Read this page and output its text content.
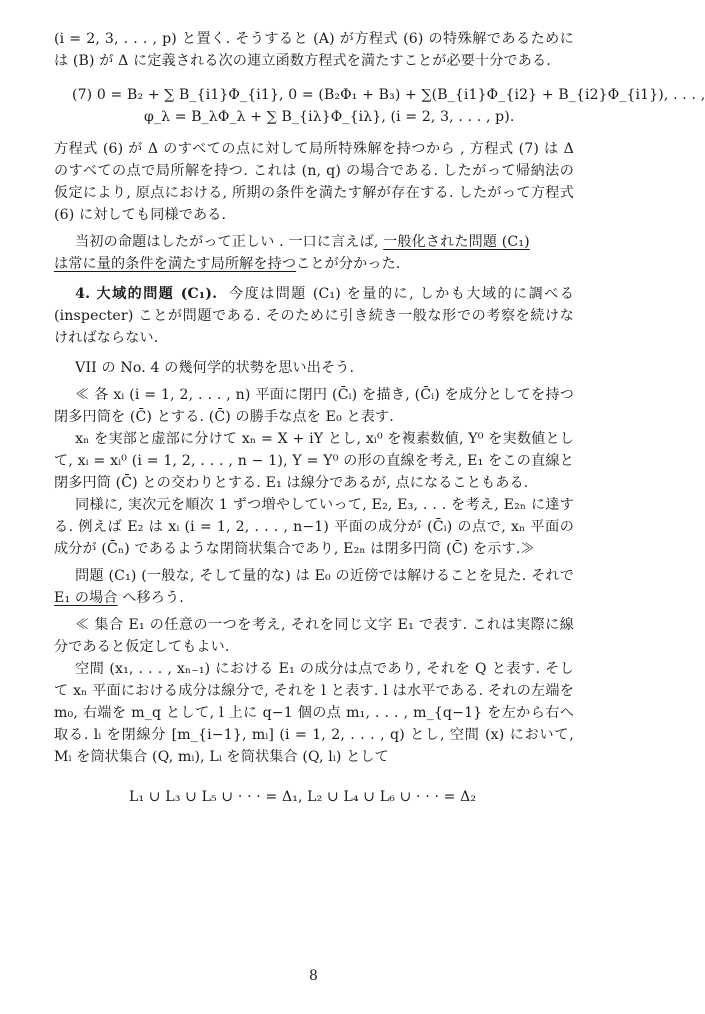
(i = 2, 3, . . . , p) と置く. そうすると (A) が方程式 (6) の特殊解であるためには (B) が Δ に定義される次の連立函数方程式を満たすことが必要十分である.

(7) 0 = B₂ + ∑ B_{i1}Φ_{i1}, 0 = (B₂Φ₁ + B₃) + ∑(B_{i1}Φ_{i2} + B_{i2}Φ_{i1}), . . . ,

φ_λ = B_λΦ_λ + ∑ B_{iλ}Φ_{iλ}, (i = 2, 3, . . . , p).

方程式 (6) が Δ のすべての点に対して局所特殊解を持つから , 方程式 (7) は Δ のすべての点で局所解を持つ. これは (n, q) の場合である. したがって帰納法の仮定により, 原点における, 所期の条件を満たす解が存在する. したがって方程式 (6) に対しても同様である.

当初の命題はしたがって正しい . 一口に言えば, 一般化された問題 (C₁)
は常に量的条件を満たす局所解を持つことが分かった.

4. 大域的問題 (C₁). 今度は問題 (C₁) を量的に, しかも大域的に調べる (inspecter) ことが問題である. そのために引き続き一般な形での考察を続けなければならない.

VII の No. 4 の幾何学的状勢を思い出そう.

≪ 各 xᵢ (i = 1, 2, . . . , n) 平面に閉円 (C̄ᵢ) を描き, (C̄ᵢ) を成分としてを持つ閉多円筒を (C̄) とする. (C̄) の勝手な点を E₀ と表す.

xₙ を実部と虚部に分けて xₙ = X + iY とし, xᵢ⁰ を複素数値, Y⁰ を実数値として, xᵢ = xᵢ⁰ (i = 1, 2, . . . , n − 1), Y = Y⁰ の形の直線を考え, E₁ をこの直線と閉多円筒 (C̄) との交わりとする. E₁ は線分であるが, 点になることもある.

同様に, 実次元を順次 1 ずつ増やしていって, E₂, E₃, . . . を考え, E₂ₙ に達する. 例えば E₂ は xᵢ (i = 1, 2, . . . , n−1) 平面の成分が (C̄ᵢ) の点で, xₙ 平面の成分が (C̄ₙ) であるような閉筒状集合であり, E₂ₙ は閉多円筒 (C̄) を示す.≫

問題 (C₁) (一般な, そして量的な) は E₀ の近傍では解けることを見た. それで E₁ の場合 へ移ろう.

≪ 集合 E₁ の任意の一つを考え, それを同じ文字 E₁ で表す. これは実際に線分であると仮定してもよい.

空間 (x₁, . . . , xₙ₋₁) における E₁ の成分は点であり, それを Q と表す. そして xₙ 平面における成分は線分で, それを l と表す. l は水平である. それの左端を m₀, 右端を m_q として, l 上に q−1 個の点 m₁, . . . , m_{q−1} を左から右へ取る. lᵢ を閉線分 [m_{i−1}, mᵢ] (i = 1, 2, . . . , q) とし, 空間 (x) において, Mᵢ を筒状集合 (Q, mᵢ), Lᵢ を筒状集合 (Q, lᵢ) として

L₁ ∪ L₃ ∪ L₅ ∪ · · · = Δ₁, L₂ ∪ L₄ ∪ L₆ ∪ · · · = Δ₂

8
